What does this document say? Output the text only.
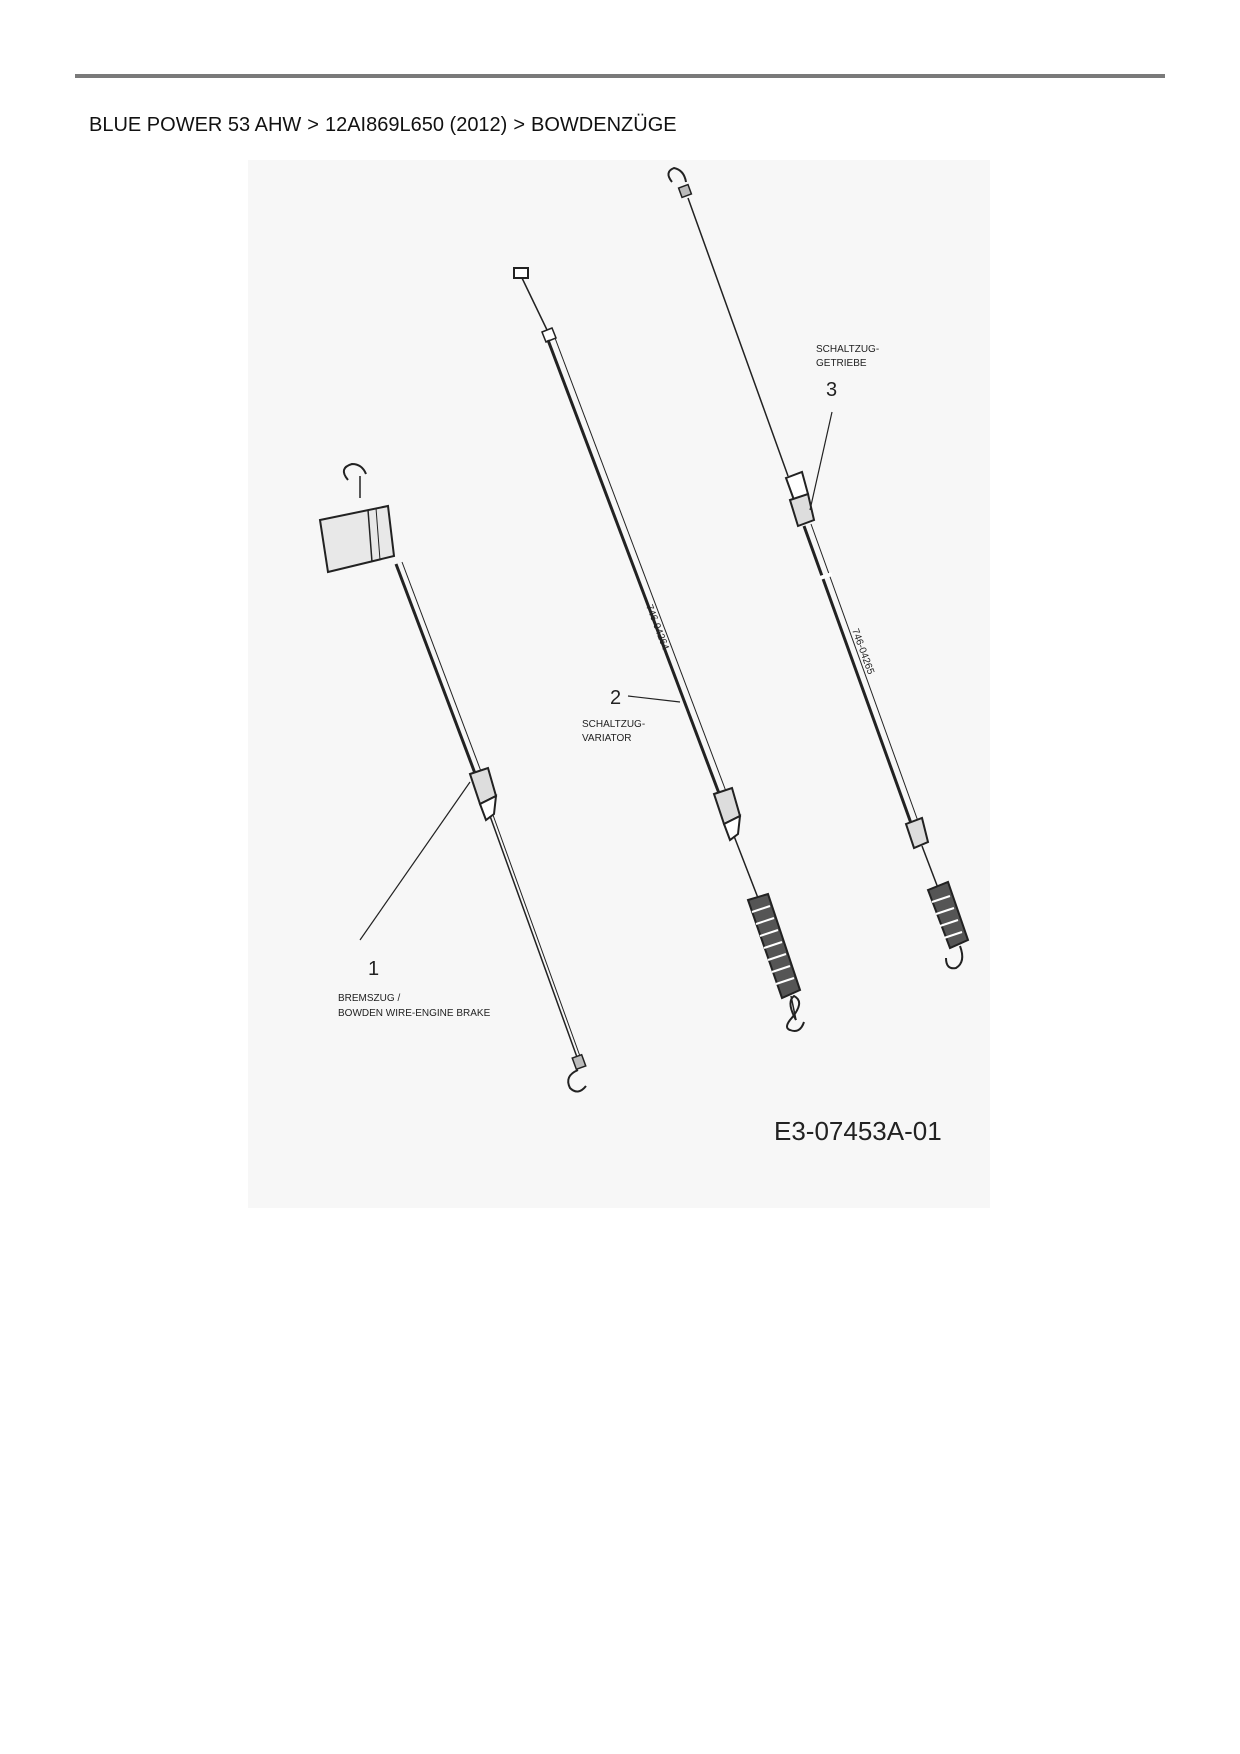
BLUE POWER 53 AHW > 12AI869L650 (2012) > BOWDENZÜGE
746-04264	746-04265
1
BREMSZUG /
BOWDEN WIRE-ENGINE BRAKE
2
SCHALTZUG-
VARIATOR
SCHALTZUG-
GETRIEBE
3
E3-07453A-01
